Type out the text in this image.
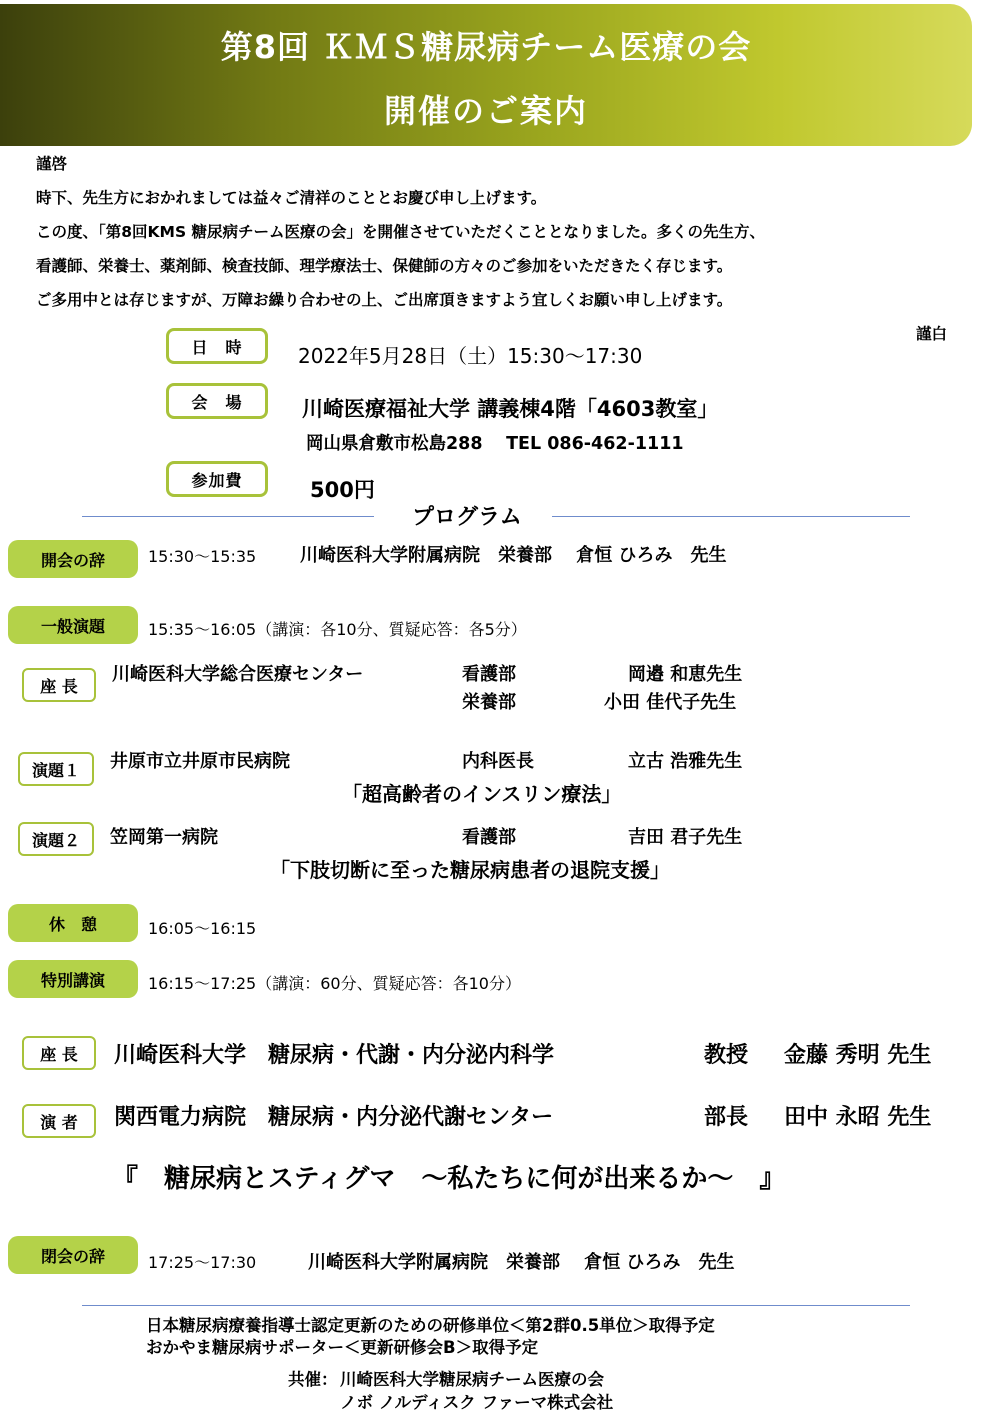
第8回 ＫＭＳ糖尿病チーム医療の会
開催のご案内
謹啓
時下、先生方におかれましては益々ご清祥のこととお慶び申し上げます。
この度、「第8回KMS 糖尿病チーム医療の会」を開催させていただくこととなりました。多くの先生方、
看護師、栄養士、薬剤師、検査技師、理学療法士、保健師の方々のご参加をいただきたく存じます。
ご多用中とは存じますが、万障お繰り合わせの上、ご出席頂きますよう宜しくお願い申し上げます。
謹白
日　時	2022年5月28日（土）15:30～17:30
会　場	川崎医療福祉大学 講義棟4階「4603教室」
岡山県倉敷市松島288　 TEL 086-462-1111
参加費	500円
プログラム
開会の辞	15:30～15:35 川崎医科大学附属病院　栄養部　 倉恒 ひろみ　先生
一般演題	15:35～16:05（講演：各10分、質疑応答：各5分）
座 長
川崎医科大学総合医療センター	看護部	岡邉 和恵先生
栄養部	小田 佳代子先生
演題１	井原市立井原市民病院	内科医長	立古 浩雅先生
「超高齢者のインスリン療法」
演題２	笠岡第一病院	看護部	吉田 君子先生
「下肢切断に至った糖尿病患者の退院支援」
休　憩	16:05～16:15
特別講演	16:15～17:25（講演：60分、質疑応答：各10分）
座 長	川崎医科大学　糖尿病・代謝・内分泌内科学	教授 金藤 秀明 先生
演 者	関西電力病院　糖尿病・内分泌代謝センター	部長 田中 永昭 先生
『　糖尿病とスティグマ　～私たちに何が出来るか～　』
閉会の辞	17:25～17:30	川崎医科大学附属病院　栄養部　 倉恒 ひろみ　先生
日本糖尿病療養指導士認定更新のための研修単位＜第2群0.5単位＞取得予定
おかやま糖尿病サポーター＜更新研修会B＞取得予定
共催： 川崎医科大学糖尿病チーム医療の会
ノボ ノルディスク ファーマ株式会社
